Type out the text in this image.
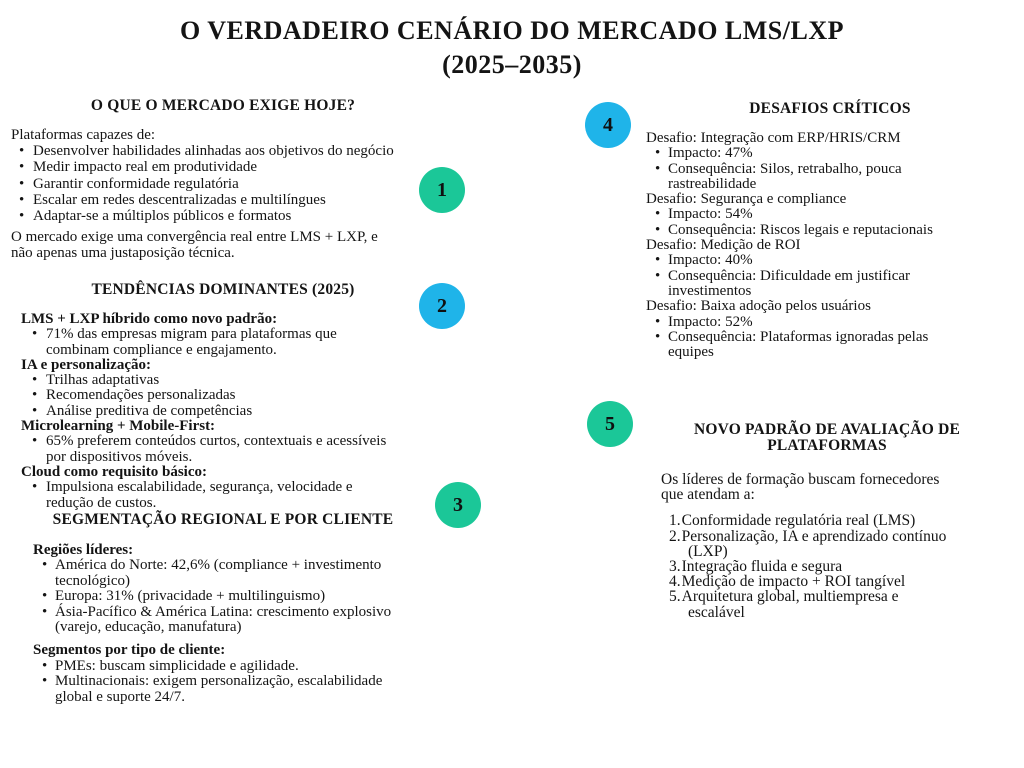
O VERDADEIRO CENÁRIO DO MERCADO LMS/LXP
(2025–2035)
O QUE O MERCADO EXIGE HOJE?
Plataformas capazes de:
• Desenvolver habilidades alinhadas aos objetivos do negócio
• Medir impacto real em produtividade
• Garantir conformidade regulatória
• Escalar em redes descentralizadas e multilíngues
• Adaptar-se a múltiplos públicos e formatos
O mercado exige uma convergência real entre LMS + LXP, e
não apenas uma justaposição técnica.
TENDÊNCIAS DOMINANTES (2025)
LMS + LXP híbrido como novo padrão:
• 71% das empresas migram para plataformas que
combinam compliance e engajamento.
IA e personalização:
• Trilhas adaptativas
• Recomendações personalizadas
• Análise preditiva de competências
Microlearning + Mobile-First:
• 65% preferem conteúdos curtos, contextuais e acessíveis
por dispositivos móveis.
Cloud como requisito básico:
• Impulsiona escalabilidade, segurança, velocidade e
redução de custos.
SEGMENTAÇÃO REGIONAL E POR CLIENTE
Regiões líderes:
• América do Norte: 42,6% (compliance + investimento
tecnológico)
• Europa: 31% (privacidade + multilinguismo)
• Ásia-Pacífico & América Latina: crescimento explosivo
(varejo, educação, manufatura)
Segmentos por tipo de cliente:
• PMEs: buscam simplicidade e agilidade.
• Multinacionais: exigem personalização, escalabilidade
global e suporte 24/7.
DESAFIOS CRÍTICOS
Desafio: Integração com ERP/HRIS/CRM
• Impacto: 47%
• Consequência: Silos, retrabalho, pouca
rastreabilidade
Desafio: Segurança e compliance
• Impacto: 54%
• Consequência: Riscos legais e reputacionais
Desafio: Medição de ROI
• Impacto: 40%
• Consequência: Dificuldade em justificar
investimentos
Desafio: Baixa adoção pelos usuários
• Impacto: 52%
• Consequência: Plataformas ignoradas pelas
equipes
NOVO PADRÃO DE AVALIAÇÃO DE
PLATAFORMAS
Os líderes de formação buscam fornecedores
que atendam a:
1.Conformidade regulatória real (LMS)
2.Personalização, IA e aprendizado contínuo
(LXP)
3.Integração fluida e segura
4.Medição de impacto + ROI tangível
5.Arquitetura global, multiempresa e
escalável
1
2
3
4
5
